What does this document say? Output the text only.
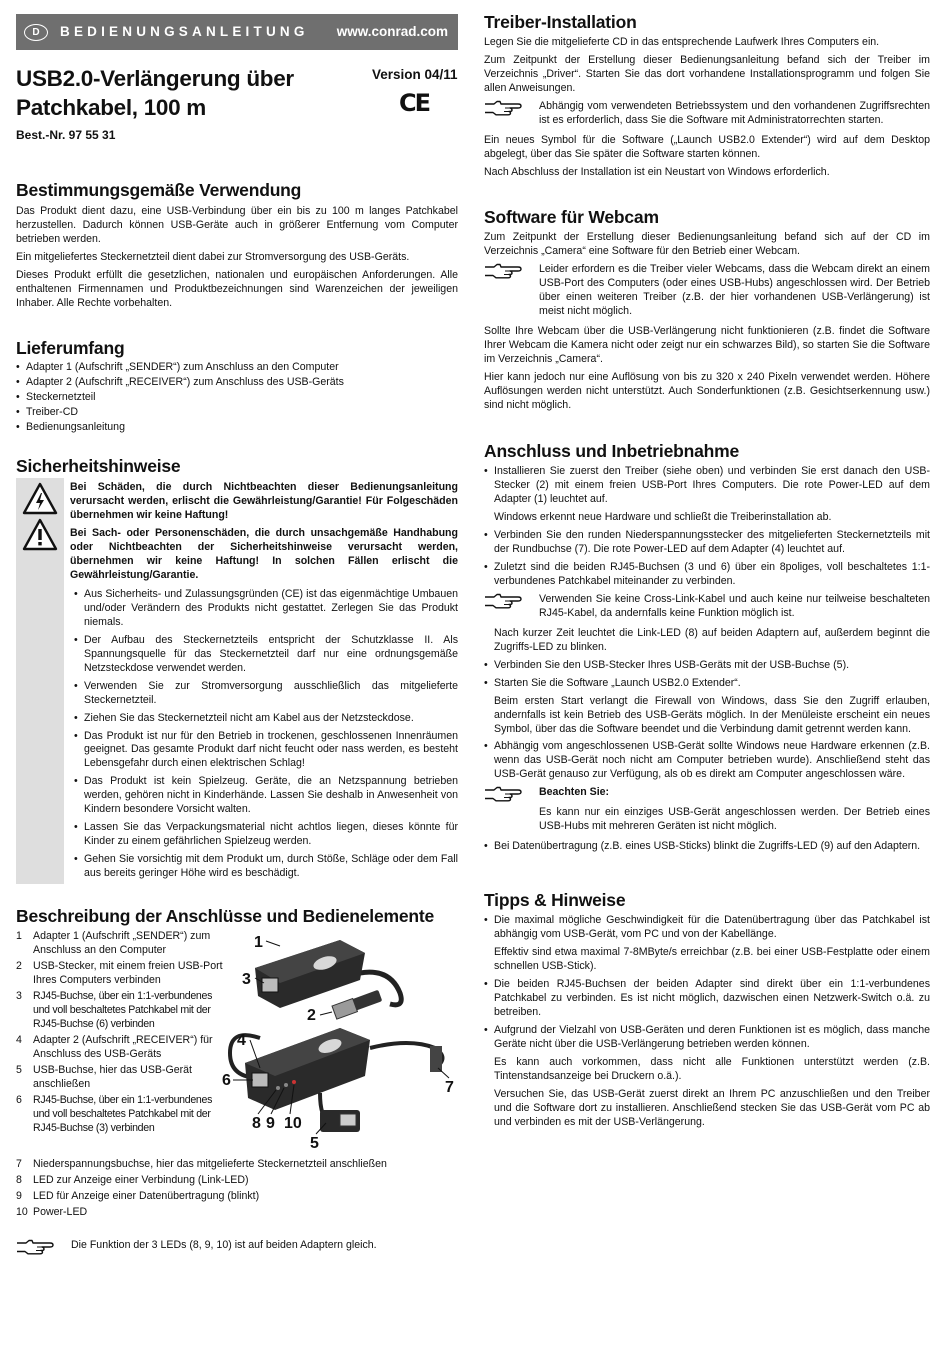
D	BEDIENUNGSANLEITUNG	www.conrad.com
USB2.0-Verlängerung über
Patchkabel, 100 m
Version 04/11
CE
Best.-Nr. 97 55 31
Bestimmungsgemäße Verwendung

Das Produkt dient dazu, eine USB-Verbindung über ein bis zu 100 m langes Patchkabel herzustellen. Dadurch können USB-Geräte auch in größerer Entfernung vom Computer betrieben werden.

Ein mitgeliefertes Steckernetzteil dient dabei zur Stromversorgung des USB-Geräts.

Dieses Produkt erfüllt die gesetzlichen, nationalen und europäischen Anforderungen. Alle enthaltenen Firmennamen und Produktbezeichnungen sind Warenzeichen der jeweiligen Inhaber. Alle Rechte vorbehalten.

Lieferumfang
• Adapter 1 (Aufschrift „SENDER“) zum Anschluss an den Computer
• Adapter 2 (Aufschrift „RECEIVER“) zum Anschluss des USB-Geräts
• Steckernetzteil
• Treiber-CD
• Bedienungsanleitung
Sicherheitshinweise

Bei Schäden, die durch Nichtbeachten dieser Bedienungsanleitung verursacht werden, erlischt die Gewährleistung/Garantie! Für Folgeschäden übernehmen wir keine Haftung!

Bei Sach- oder Personenschäden, die durch unsachgemäße Handhabung oder Nichtbeachten der Sicherheitshinweise verursacht werden, übernehmen wir keine Haftung! In solchen Fällen erlischt die Gewährleistung/Garantie.

• Aus Sicherheits- und Zulassungsgründen (CE) ist das eigenmächtige Umbauen und/oder Verändern des Produkts nicht gestattet. Zerlegen Sie das Produkt niemals.
• Der Aufbau des Steckernetzteils entspricht der Schutzklasse II. Als Spannungsquelle für das Steckernetzteil darf nur eine ordnungsgemäße Netzsteckdose verwendet werden.
• Verwenden Sie zur Stromversorgung ausschließlich das mitgelieferte Steckernetzteil.
• Ziehen Sie das Steckernetzteil nicht am Kabel aus der Netzsteckdose.
• Das Produkt ist nur für den Betrieb in trockenen, geschlossenen Innenräumen geeignet. Das gesamte Produkt darf nicht feucht oder nass werden, es besteht Lebensgefahr durch einen elektrischen Schlag!
• Das Produkt ist kein Spielzeug. Geräte, die an Netzspannung betrieben werden, gehören nicht in Kinderhände. Lassen Sie deshalb in Anwesenheit von Kindern besondere Vorsicht walten.
• Lassen Sie das Verpackungsmaterial nicht achtlos liegen, dieses könnte für Kinder zu einem gefährlichen Spielzeug werden.
• Gehen Sie vorsichtig mit dem Produkt um, durch Stöße, Schläge oder dem Fall aus bereits geringer Höhe wird es beschädigt.
Beschreibung der Anschlüsse und Bedienelemente
1	Adapter 1 (Aufschrift „SENDER“) zum Anschluss an den Computer
2	USB-Stecker, mit einem freien USB-Port Ihres Computers verbinden
3	RJ45-Buchse, über ein 1:1-verbundenes und voll beschaltetes Patchkabel mit der RJ45-Buchse (6) verbinden
4	Adapter 2 (Aufschrift „RECEIVER“) für Anschluss des USB-Geräts
5	USB-Buchse, hier das USB-Gerät anschließen
6	RJ45-Buchse, über ein 1:1-verbundenes und voll beschaltetes Patchkabel mit der RJ45-Buchse (3) verbinden
7	Niederspannungsbuchse, hier das mitgelieferte Steckernetzteil anschließen
8	LED zur Anzeige einer Verbindung (Link-LED)
9	LED für Anzeige einer Datenübertragung (blinkt)
10 Power-LED
Die Funktion der 3 LEDs (8, 9, 10) ist auf beiden Adaptern gleich.
1
3
2
4
6	7
8 9 10
5
Treiber-Installation

Legen Sie die mitgelieferte CD in das entsprechende Laufwerk Ihres Computers ein.

Zum Zeitpunkt der Erstellung dieser Bedienungsanleitung befand sich der Treiber im Verzeichnis „Driver“. Starten Sie das dort vorhandene Installationsprogramm und folgen Sie allen Anweisungen.

Abhängig vom verwendeten Betriebssystem und den vorhandenen Zugriffsrechten ist es erforderlich, dass Sie die Software mit Administratorrechten starten.

Ein neues Symbol für die Software („Launch USB2.0 Extender“) wird auf dem Desktop abgelegt, über das Sie später die Software starten können.

Nach Abschluss der Installation ist ein Neustart von Windows erforderlich.

Software für Webcam

Zum Zeitpunkt der Erstellung dieser Bedienungsanleitung befand sich auf der CD im Verzeichnis „Camera“ eine Software für den Betrieb einer Webcam.

Leider erfordern es die Treiber vieler Webcams, dass die Webcam direkt an einem USB-Port des Computers (oder eines USB-Hubs) angeschlossen wird. Der Betrieb über einen weiteren Treiber (z.B. der hier vorhandenen USB-Verlängerung) ist meist nicht möglich.

Sollte Ihre Webcam über die USB-Verlängerung nicht funktionieren (z.B. findet die Software Ihrer Webcam die Kamera nicht oder zeigt nur ein schwarzes Bild), so starten Sie die Software im Verzeichnis „Camera“.

Hier kann jedoch nur eine Auflösung von bis zu 320 x 240 Pixeln verwendet werden. Höhere Auflösungen werden nicht unterstützt. Auch Sonderfunktionen (z.B. Gesichtserkennung usw.) sind nicht möglich.

Anschluss und Inbetriebnahme
• Installieren Sie zuerst den Treiber (siehe oben) und verbinden Sie erst danach den USB-Stecker (2) mit einem freien USB-Port Ihres Computers. Die rote Power-LED auf dem Adapter (1) leuchtet auf.
Windows erkennt neue Hardware und schließt die Treiberinstallation ab.
• Verbinden Sie den runden Niederspannungsstecker des mitgelieferten Steckernetzteils mit der Rundbuchse (7). Die rote Power-LED auf dem Adapter (4) leuchtet auf.
• Zuletzt sind die beiden RJ45-Buchsen (3 und 6) über ein 8poliges, voll beschaltetes 1:1-verbundenes Patchkabel miteinander zu verbinden.
Verwenden Sie keine Cross-Link-Kabel und auch keine nur teilweise beschalteten RJ45-Kabel, da andernfalls keine Funktion möglich ist.
Nach kurzer Zeit leuchtet die Link-LED (8) auf beiden Adaptern auf, außerdem beginnt die Zugriffs-LED zu blinken.
• Verbinden Sie den USB-Stecker Ihres USB-Geräts mit der USB-Buchse (5).
• Starten Sie die Software „Launch USB2.0 Extender“.
Beim ersten Start verlangt die Firewall von Windows, dass Sie den Zugriff erlauben, andernfalls ist kein Betrieb des USB-Geräts möglich. In der Menüleiste erscheint ein neues Symbol, über das die Software beendet und die Verbindung damit getrennt werden kann.
• Abhängig vom angeschlossenen USB-Gerät sollte Windows neue Hardware erkennen (z.B. wenn das USB-Gerät noch nicht am Computer betrieben wurde). Anschließend steht das USB-Gerät genauso zur Verfügung, als ob es direkt am Computer angeschlossen wäre.
Beachten Sie:
Es kann nur ein einziges USB-Gerät angeschlossen werden. Der Betrieb eines USB-Hubs mit mehreren Geräten ist nicht möglich.
• Bei Datenübertragung (z.B. eines USB-Sticks) blinkt die Zugriffs-LED (9) auf den Adaptern.
Tipps & Hinweise
• Die maximal mögliche Geschwindigkeit für die Datenübertragung über das Patchkabel ist abhängig vom USB-Gerät, vom PC und von der Kabellänge.
Effektiv sind etwa maximal 7-8MByte/s erreichbar (z.B. bei einer USB-Festplatte oder einem schnellen USB-Stick).
• Die beiden RJ45-Buchsen der beiden Adapter sind direkt über ein 1:1-verbundenes Patchkabel zu verbinden. Es ist nicht möglich, dazwischen einen Netzwerk-Switch o.ä. zu betreiben.
• Aufgrund der Vielzahl von USB-Geräten und deren Funktionen ist es möglich, dass manche Geräte nicht über die USB-Verlängerung betrieben werden können.
Es kann auch vorkommen, dass nicht alle Funktionen unterstützt werden (z.B. Tintenstandsanzeige bei Druckern o.ä.).
Versuchen Sie, das USB-Gerät zuerst direkt an Ihrem PC anzuschließen und den Treiber und die Software dort zu installieren. Anschließend stecken Sie das USB-Gerät vom PC ab und verbinden es mit der USB-Verlängerung.
